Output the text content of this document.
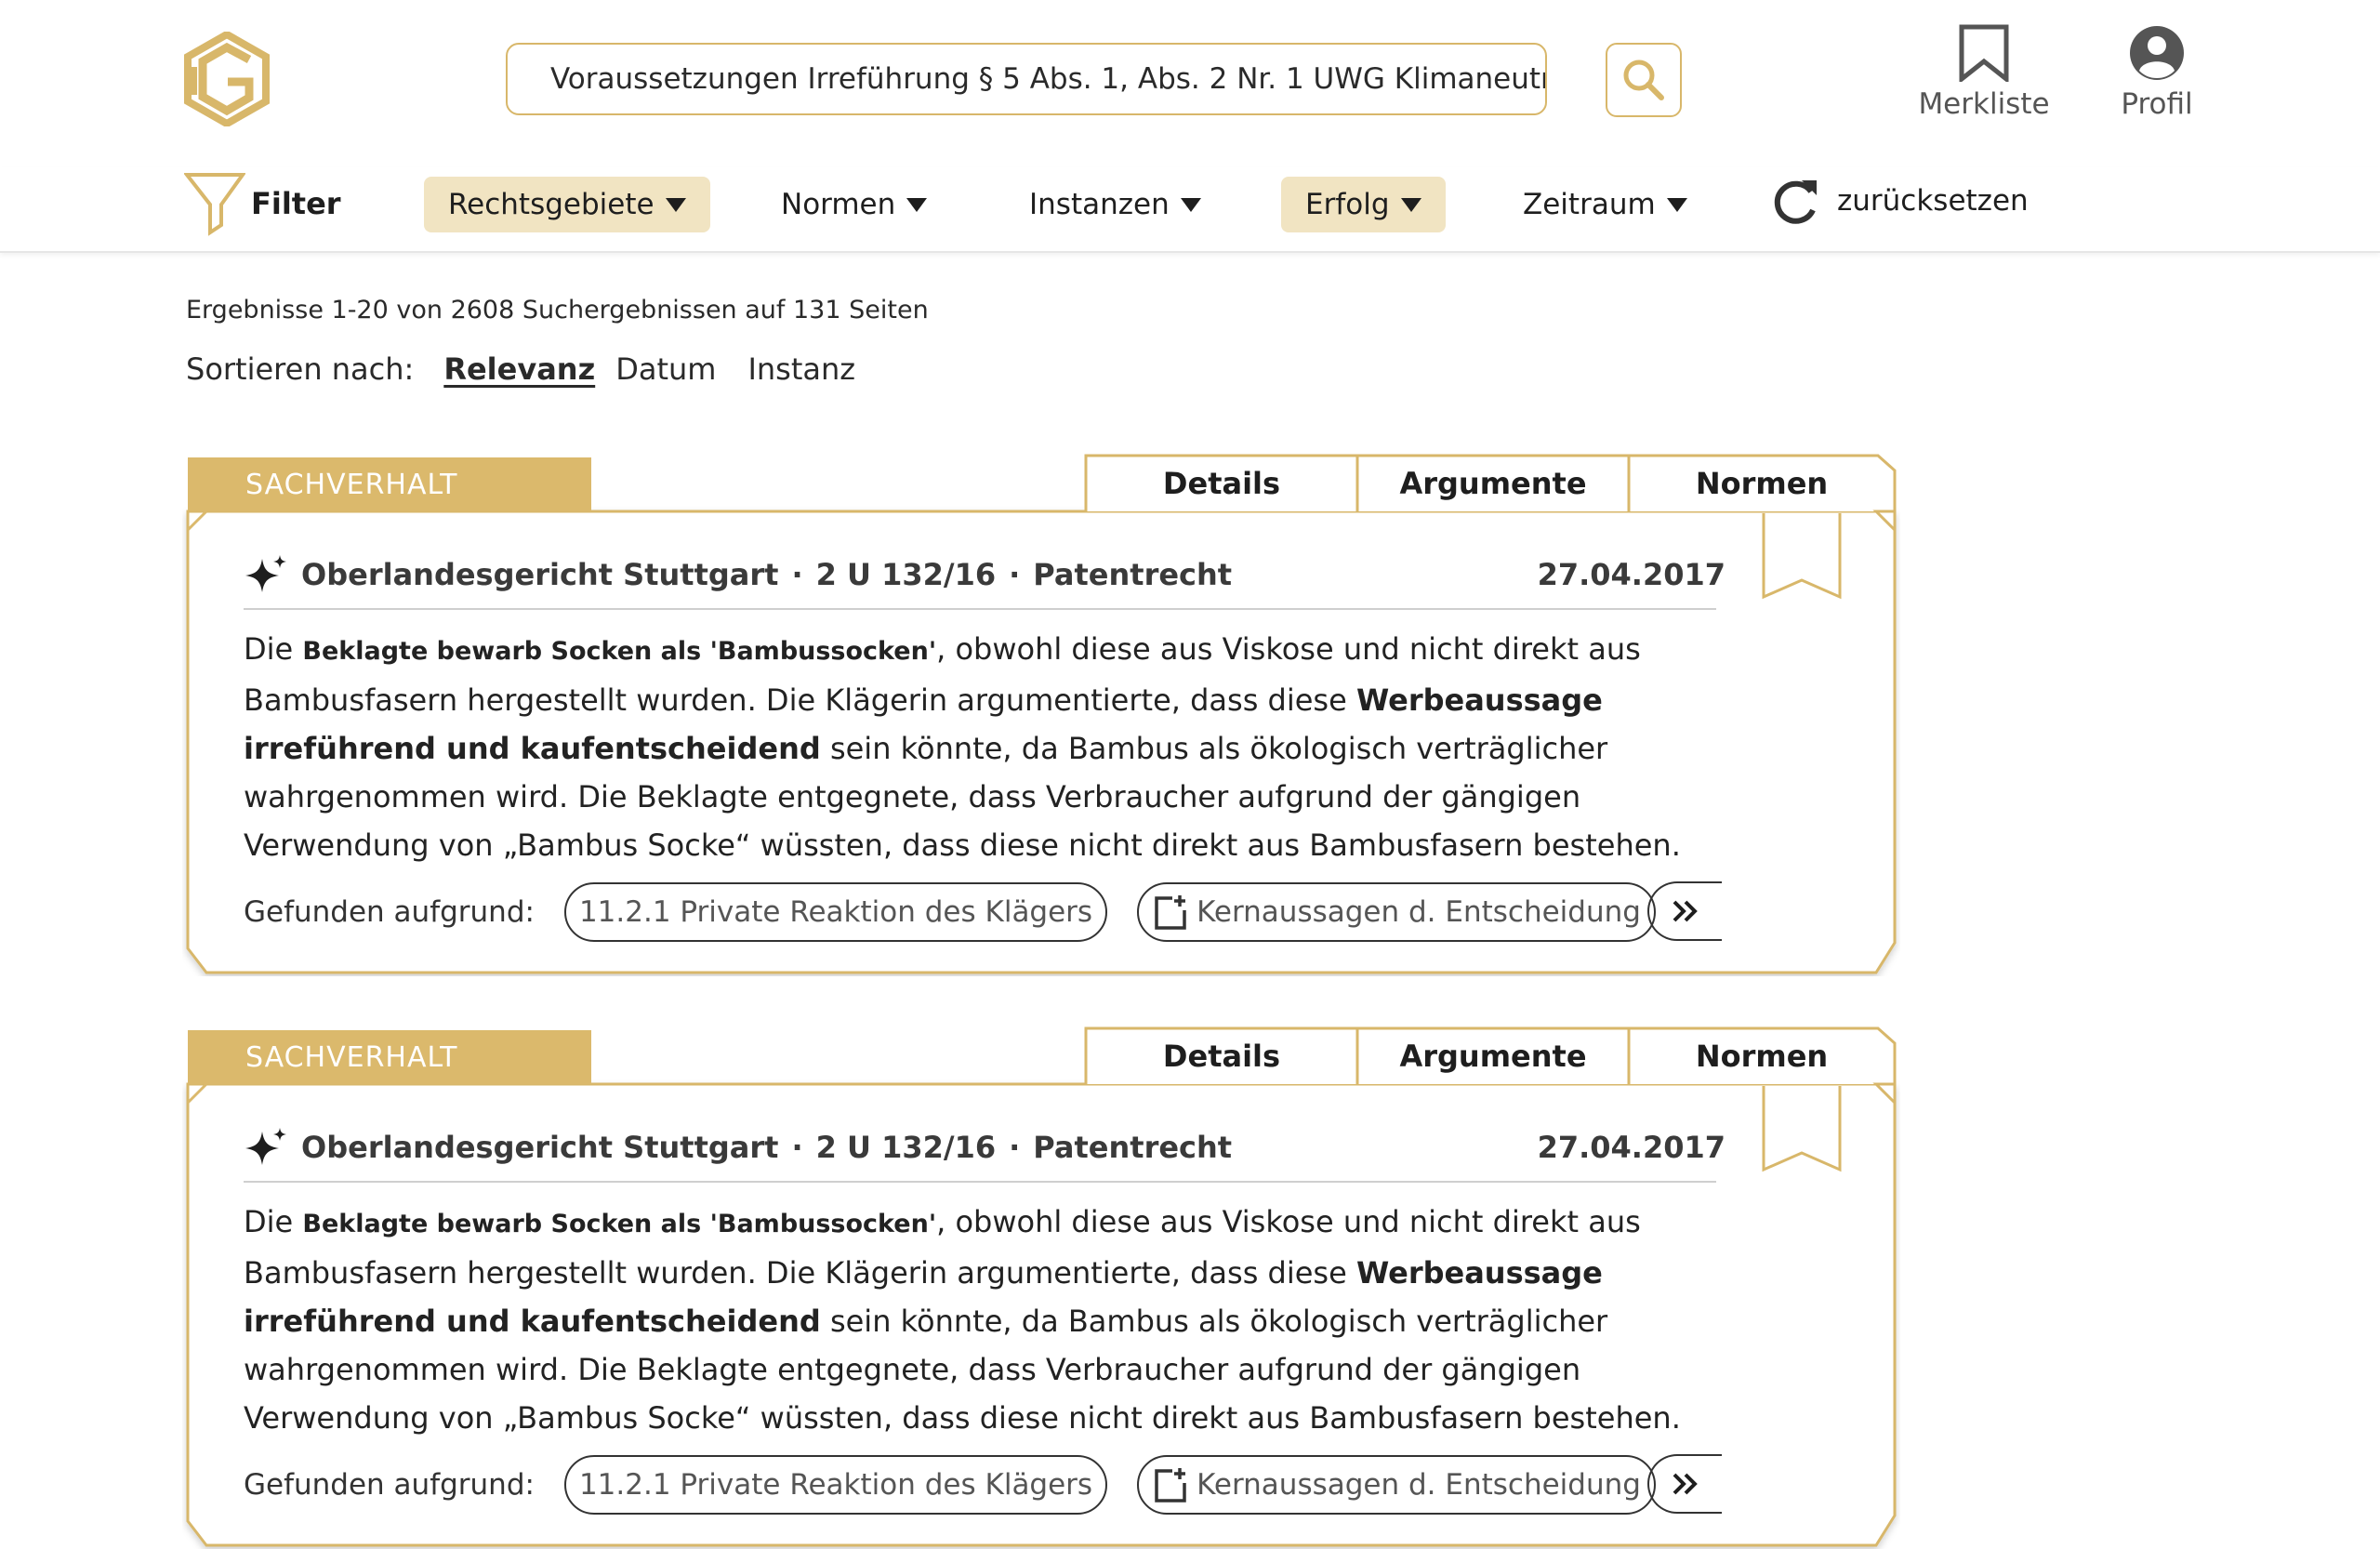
Voraussetzungen Irreführung § 5 Abs. 1, Abs. 2 Nr. 1 UWG Klimaneutral
Merkliste Profil
Filter	Rechtsgebiete	Normen	Instanzen	Erfolg	Zeitraum	zurücksetzen
Ergebnisse 1-20 von 2608 Suchergebnissen auf 131 Seiten
Sortieren nach: Relevanz Datum Instanz
SACHVERHALT	Details	Argumente	Normen
Oberlandesgericht Stuttgart · 2 U 132/16 · Patentrecht	27.04.2017
Die Beklagte bewarb Socken als 'Bambussocken', obwohl diese aus Viskose und nicht direkt aus Bambusfasern hergestellt wurden. Die Klägerin argumentierte, dass diese Werbeaussage irreführend und kaufentscheidend sein könnte, da Bambus als ökologisch verträglicher wahrgenommen wird. Die Beklagte entgegnete, dass Verbraucher aufgrund der gängigen Verwendung von „Bambus Socke“ wüssten, dass diese nicht direkt aus Bambusfasern bestehen.
Gefunden aufgrund:	11.2.1 Private Reaktion des Klägers	Kernaussagen d. Entscheidung
SACHVERHALT	Details	Argumente	Normen
Oberlandesgericht Stuttgart · 2 U 132/16 · Patentrecht	27.04.2017
Die Beklagte bewarb Socken als 'Bambussocken', obwohl diese aus Viskose und nicht direkt aus Bambusfasern hergestellt wurden. Die Klägerin argumentierte, dass diese Werbeaussage irreführend und kaufentscheidend sein könnte, da Bambus als ökologisch verträglicher wahrgenommen wird. Die Beklagte entgegnete, dass Verbraucher aufgrund der gängigen Verwendung von „Bambus Socke“ wüssten, dass diese nicht direkt aus Bambusfasern bestehen.
Gefunden aufgrund:	11.2.1 Private Reaktion des Klägers	Kernaussagen d. Entscheidung
